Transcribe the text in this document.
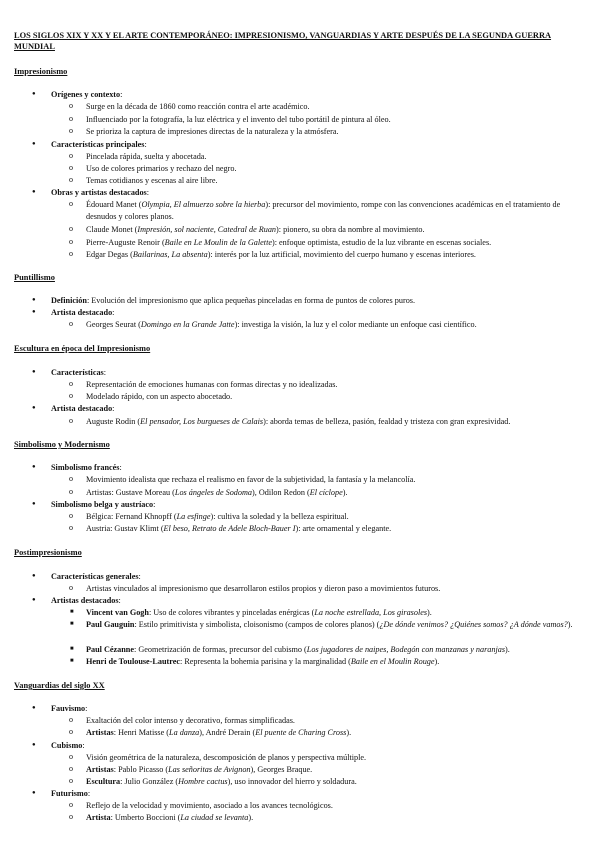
LOS SIGLOS XIX Y XX Y EL ARTE CONTEMPORÁNEO: IMPRESIONISMO, VANGUARDIAS Y ARTE DESPUÉS DE LA SEGUNDA GUERRA MUNDIAL
Impresionismo
● Orígenes y contexto:
o Surge en la década de 1860 como reacción contra el arte académico.
o Influenciado por la fotografía, la luz eléctrica y el invento del tubo portátil de pintura al óleo.
o Se prioriza la captura de impresiones directas de la naturaleza y la atmósfera.
● Características principales:
o Pincelada rápida, suelta y abocetada.
o Uso de colores primarios y rechazo del negro.
o Temas cotidianos y escenas al aire libre.
● Obras y artistas destacados:
o Édouard Manet (Olympia, El almuerzo sobre la hierba): precursor del movimiento, rompe con las convenciones académicas en el tratamiento de desnudos y colores planos.
o Claude Monet (Impresión, sol naciente, Catedral de Ruan): pionero, su obra da nombre al movimiento.
o Pierre-Auguste Renoir (Baile en Le Moulin de la Galette): enfoque optimista, estudio de la luz vibrante en escenas sociales.
o Edgar Degas (Bailarinas, La absenta): interés por la luz artificial, movimiento del cuerpo humano y escenas interiores.
Puntillismo
● Definición: Evolución del impresionismo que aplica pequeñas pinceladas en forma de puntos de colores puros.
● Artista destacado:
o Georges Seurat (Domingo en la Grande Jatte): investiga la visión, la luz y el color mediante un enfoque casi científico.
Escultura en época del Impresionismo
● Características:
o Representación de emociones humanas con formas directas y no idealizadas.
o Modelado rápido, con un aspecto abocetado.
● Artista destacado:
o Auguste Rodin (El pensador, Los burgueses de Calais): aborda temas de belleza, pasión, fealdad y tristeza con gran expresividad.
Simbolismo y Modernismo
● Simbolismo francés:
o Movimiento idealista que rechaza el realismo en favor de la subjetividad, la fantasía y la melancolía.
o Artistas: Gustave Moreau (Los ángeles de Sodoma), Odilon Redon (El cíclope).
● Simbolismo belga y austríaco:
o Bélgica: Fernand Khnopff (La esfinge): cultiva la soledad y la belleza espiritual.
o Austria: Gustav Klimt (El beso, Retrato de Adele Bloch-Bauer I): arte ornamental y elegante.
Postimpresionismo
● Características generales:
o Artistas vinculados al impresionismo que desarrollaron estilos propios y dieron paso a movimientos futuros.
● Artistas destacados:
■ Vincent van Gogh: Uso de colores vibrantes y pinceladas enérgicas (La noche estrellada, Los girasoles).
■ Paul Gauguin: Estilo primitivista y simbolista, cloisonismo (campos de colores planos) (¿De dónde venimos? ¿Quiénes somos? ¿A dónde vamos?).
■ Paul Cézanne: Geometrización de formas, precursor del cubismo (Los jugadores de naipes, Bodegón con manzanas y naranjas).
■ Henri de Toulouse-Lautrec: Representa la bohemia parisina y la marginalidad (Baile en el Moulin Rouge).
Vanguardias del siglo XX
● Fauvismo:
o Exaltación del color intenso y decorativo, formas simplificadas.
o Artistas: Henri Matisse (La danza), André Derain (El puente de Charing Cross).
● Cubismo:
o Visión geométrica de la naturaleza, descomposición de planos y perspectiva múltiple.
o Artistas: Pablo Picasso (Las señoritas de Avignon), Georges Braque.
o Escultura: Julio González (Hombre cactus), uso innovador del hierro y soldadura.
● Futurismo:
o Reflejo de la velocidad y movimiento, asociado a los avances tecnológicos.
o Artista: Umberto Boccioni (La ciudad se levanta).
